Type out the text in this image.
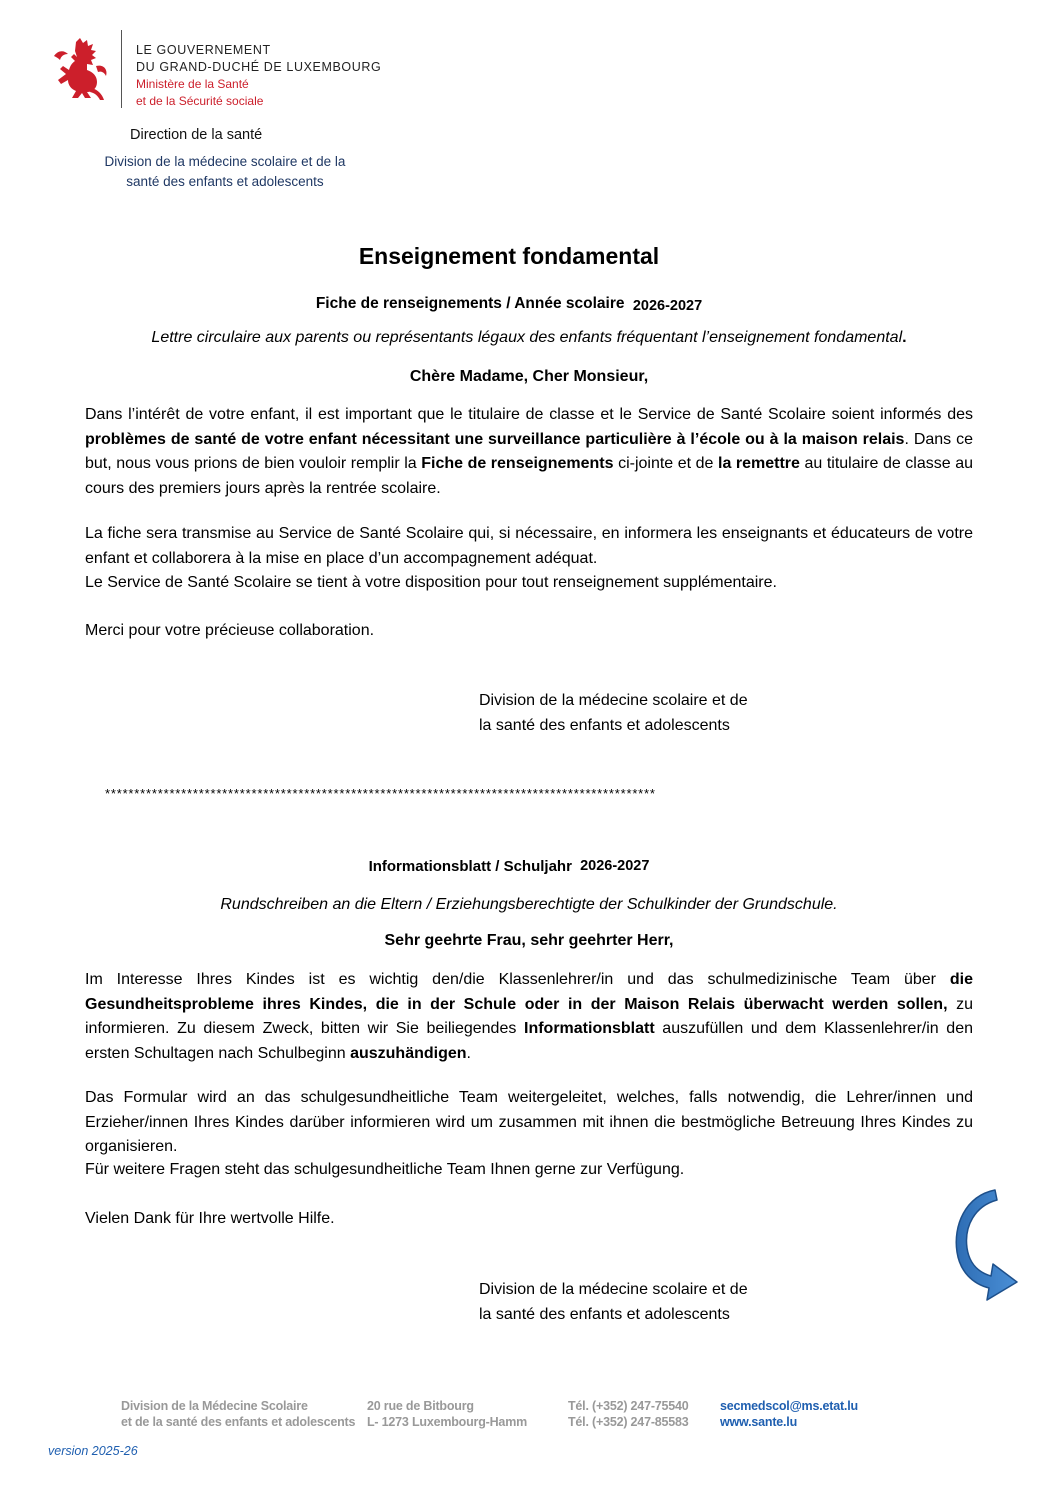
LE GOUVERNEMENT
DU GRAND-DUCHÉ DE LUXEMBOURG
Ministère de la Santé
et de la Sécurité sociale
Direction de la santé
Division de la médecine scolaire et de la
santé des enfants et adolescents
Enseignement fondamental
Fiche de renseignements / Année scolaire 2026-2027
Lettre circulaire aux parents ou représentants légaux des enfants fréquentant l’enseignement fondamental.
Chère Madame, Cher Monsieur,
Dans l’intérêt de votre enfant, il est important que le titulaire de classe et le Service de Santé Scolaire soient informés des problèmes de santé de votre enfant nécessitant une surveillance particulière à l’école ou à la maison relais. Dans ce but, nous vous prions de bien vouloir remplir la Fiche de renseignements ci-jointe et de la remettre au titulaire de classe au cours des premiers jours après la rentrée scolaire.
La fiche sera transmise au Service de Santé Scolaire qui, si nécessaire, en informera les enseignants et éducateurs de votre enfant et collaborera à la mise en place d’un accompagnement adéquat.
Le Service de Santé Scolaire se tient à votre disposition pour tout renseignement supplémentaire.
Merci pour votre précieuse collaboration.
Division de la médecine scolaire et de
la santé des enfants et adolescents
**********************************************************************************************
Informationsblatt / Schuljahr 2026-2027
Rundschreiben an die Eltern / Erziehungsberechtigte der Schulkinder der Grundschule.
Sehr geehrte Frau, sehr geehrter Herr,
Im Interesse Ihres Kindes ist es wichtig den/die Klassenlehrer/in und das schulmedizinische Team über die Gesundheitsprobleme ihres Kindes, die in der Schule oder in der Maison Relais überwacht werden sollen, zu informieren. Zu diesem Zweck, bitten wir Sie beiliegendes Informationsblatt auszufüllen und dem Klassenlehrer/in den ersten Schultagen nach Schulbeginn auszuhändigen.
Das Formular wird an das schulgesundheitliche Team weitergeleitet, welches, falls notwendig, die Lehrer/innen und Erzieher/innen Ihres Kindes darüber informieren wird um zusammen mit ihnen die bestmögliche Betreuung Ihres Kindes zu organisieren.
Für weitere Fragen steht das schulgesundheitliche Team Ihnen gerne zur Verfügung.
Vielen Dank für Ihre wertvolle Hilfe.
Division de la médecine scolaire et de
la santé des enfants et adolescents
Division de la Médecine Scolaire
et de la santé des enfants et adolescents
20 rue de Bitbourg
L- 1273 Luxembourg-Hamm
Tél. (+352) 247-75540
Tél. (+352) 247-85583
secmedscol@ms.etat.lu
www.sante.lu
version 2025-26
